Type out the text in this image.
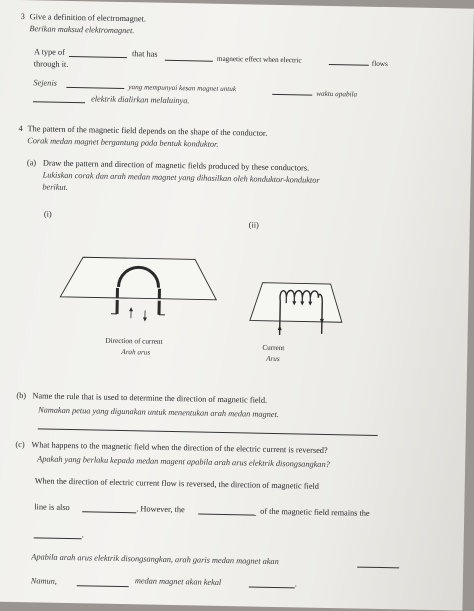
3 Give a definition of electromagnet.
Berikan maksud elektromagnet.
A type of	that has
magnetic effect when electric	flows
through it.
Sejenis
yang mempunyai kesan magnet untuk
waktu apabila
elektrik dialirkan melaluinya.
4 The pattern of the magnetic field depends on the shape of the conductor.
Corak medan magnet bergantung pada bentuk konduktor.
(a) Draw the pattern and direction of magnetic fields produced by these conductors.
Lukiskan corak dan arah medan magnet yang dihasilkan oleh konduktor-konduktor
berikut.
(i)
(ii)
Direction of current
Arah arus
Current
Arus
(b) Name the rule that is used to determine the direction of magnetic field.
Namakan petua yang digunakan untuk menentukan arah medan magnet.
(c) What happens to the magnetic field when the direction of the electric current is reversed?
Apakah yang berlaku kepada medan magent apabila arah arus elektrik disongsangkan?
When the direction of electric current flow is reversed, the direction of magnetic field
line is also	. However, the	of the magnetic field remains the
.
Apabila arah arus elektrik disongsangkan, arah garis medan magnet akan
Namun,	medan magnet akan kekal	.
